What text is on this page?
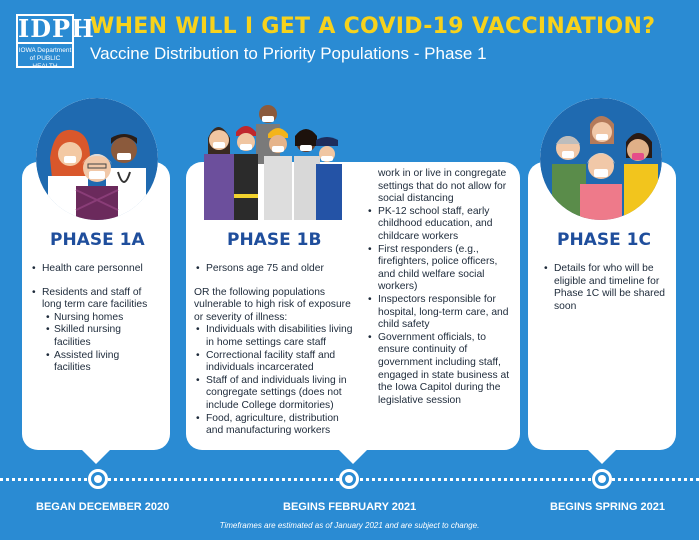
IDPH
IOWA Department of PUBLIC HEALTH
WHEN WILL I GET A COVID-19 VACCINATION?
Vaccine Distribution to Priority Populations - Phase 1
PHASE 1A	PHASE 1B	PHASE 1C
• Health care personnel
• Residents and staff of long term care facilities
• Nursing homes
• Skilled nursing facilities
• Assisted living facilities
• Persons age 75 and older
OR the following populations vulnerable to high risk of exposure or severity of illness:
• Individuals with disabilities living in home settings care staff
• Correctional facility staff and individuals incarcerated
• Staff of and individuals living in congregate settings (does not include College dormitories)
• Food, agriculture, distribution and manufacturing workers
work in or live in congregate settings that do not allow for social distancing
• PK-12 school staff, early childhood education, and childcare workers
• First responders (e.g., firefighters, police officers, and child welfare social workers)
• Inspectors responsible for hospital, long-term care, and child safety
• Government officials, to ensure continuity of government including staff, engaged in state business at the Iowa Capitol during the legislative session
• Details for who will be eligible and timeline for Phase 1C will be shared soon
BEGAN DECEMBER 2020	BEGINS FEBRUARY 2021	BEGINS SPRING 2021
Timeframes are estimated as of January 2021 and are subject to change.
